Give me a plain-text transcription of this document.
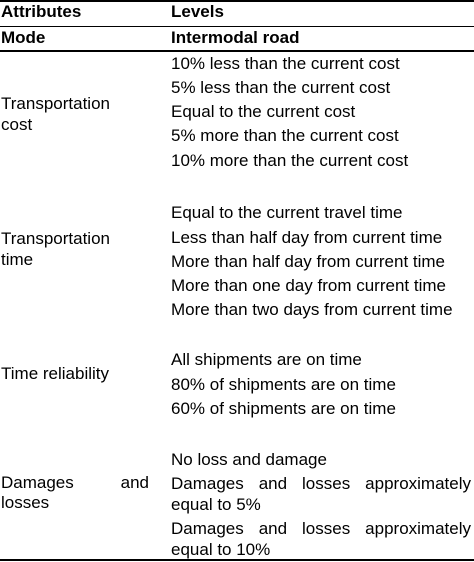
Attributes	Levels
Mode	Intermodal road
Transportation
cost
10% less than the current cost
5% less than the current cost
Equal to the current cost
5% more than the current cost
10% more than the current cost
Transportation
time
Equal to the current travel time
Less than half day from current time
More than half day from current time
More than one day from current time
More than two days from current time
Time reliability
All shipments are on time
80% of shipments are on time
60% of shipments are on time
Damages and
losses
No loss and damage
Damages and losses approximately
equal to 5%
Damages and losses approximately
equal to 10%
